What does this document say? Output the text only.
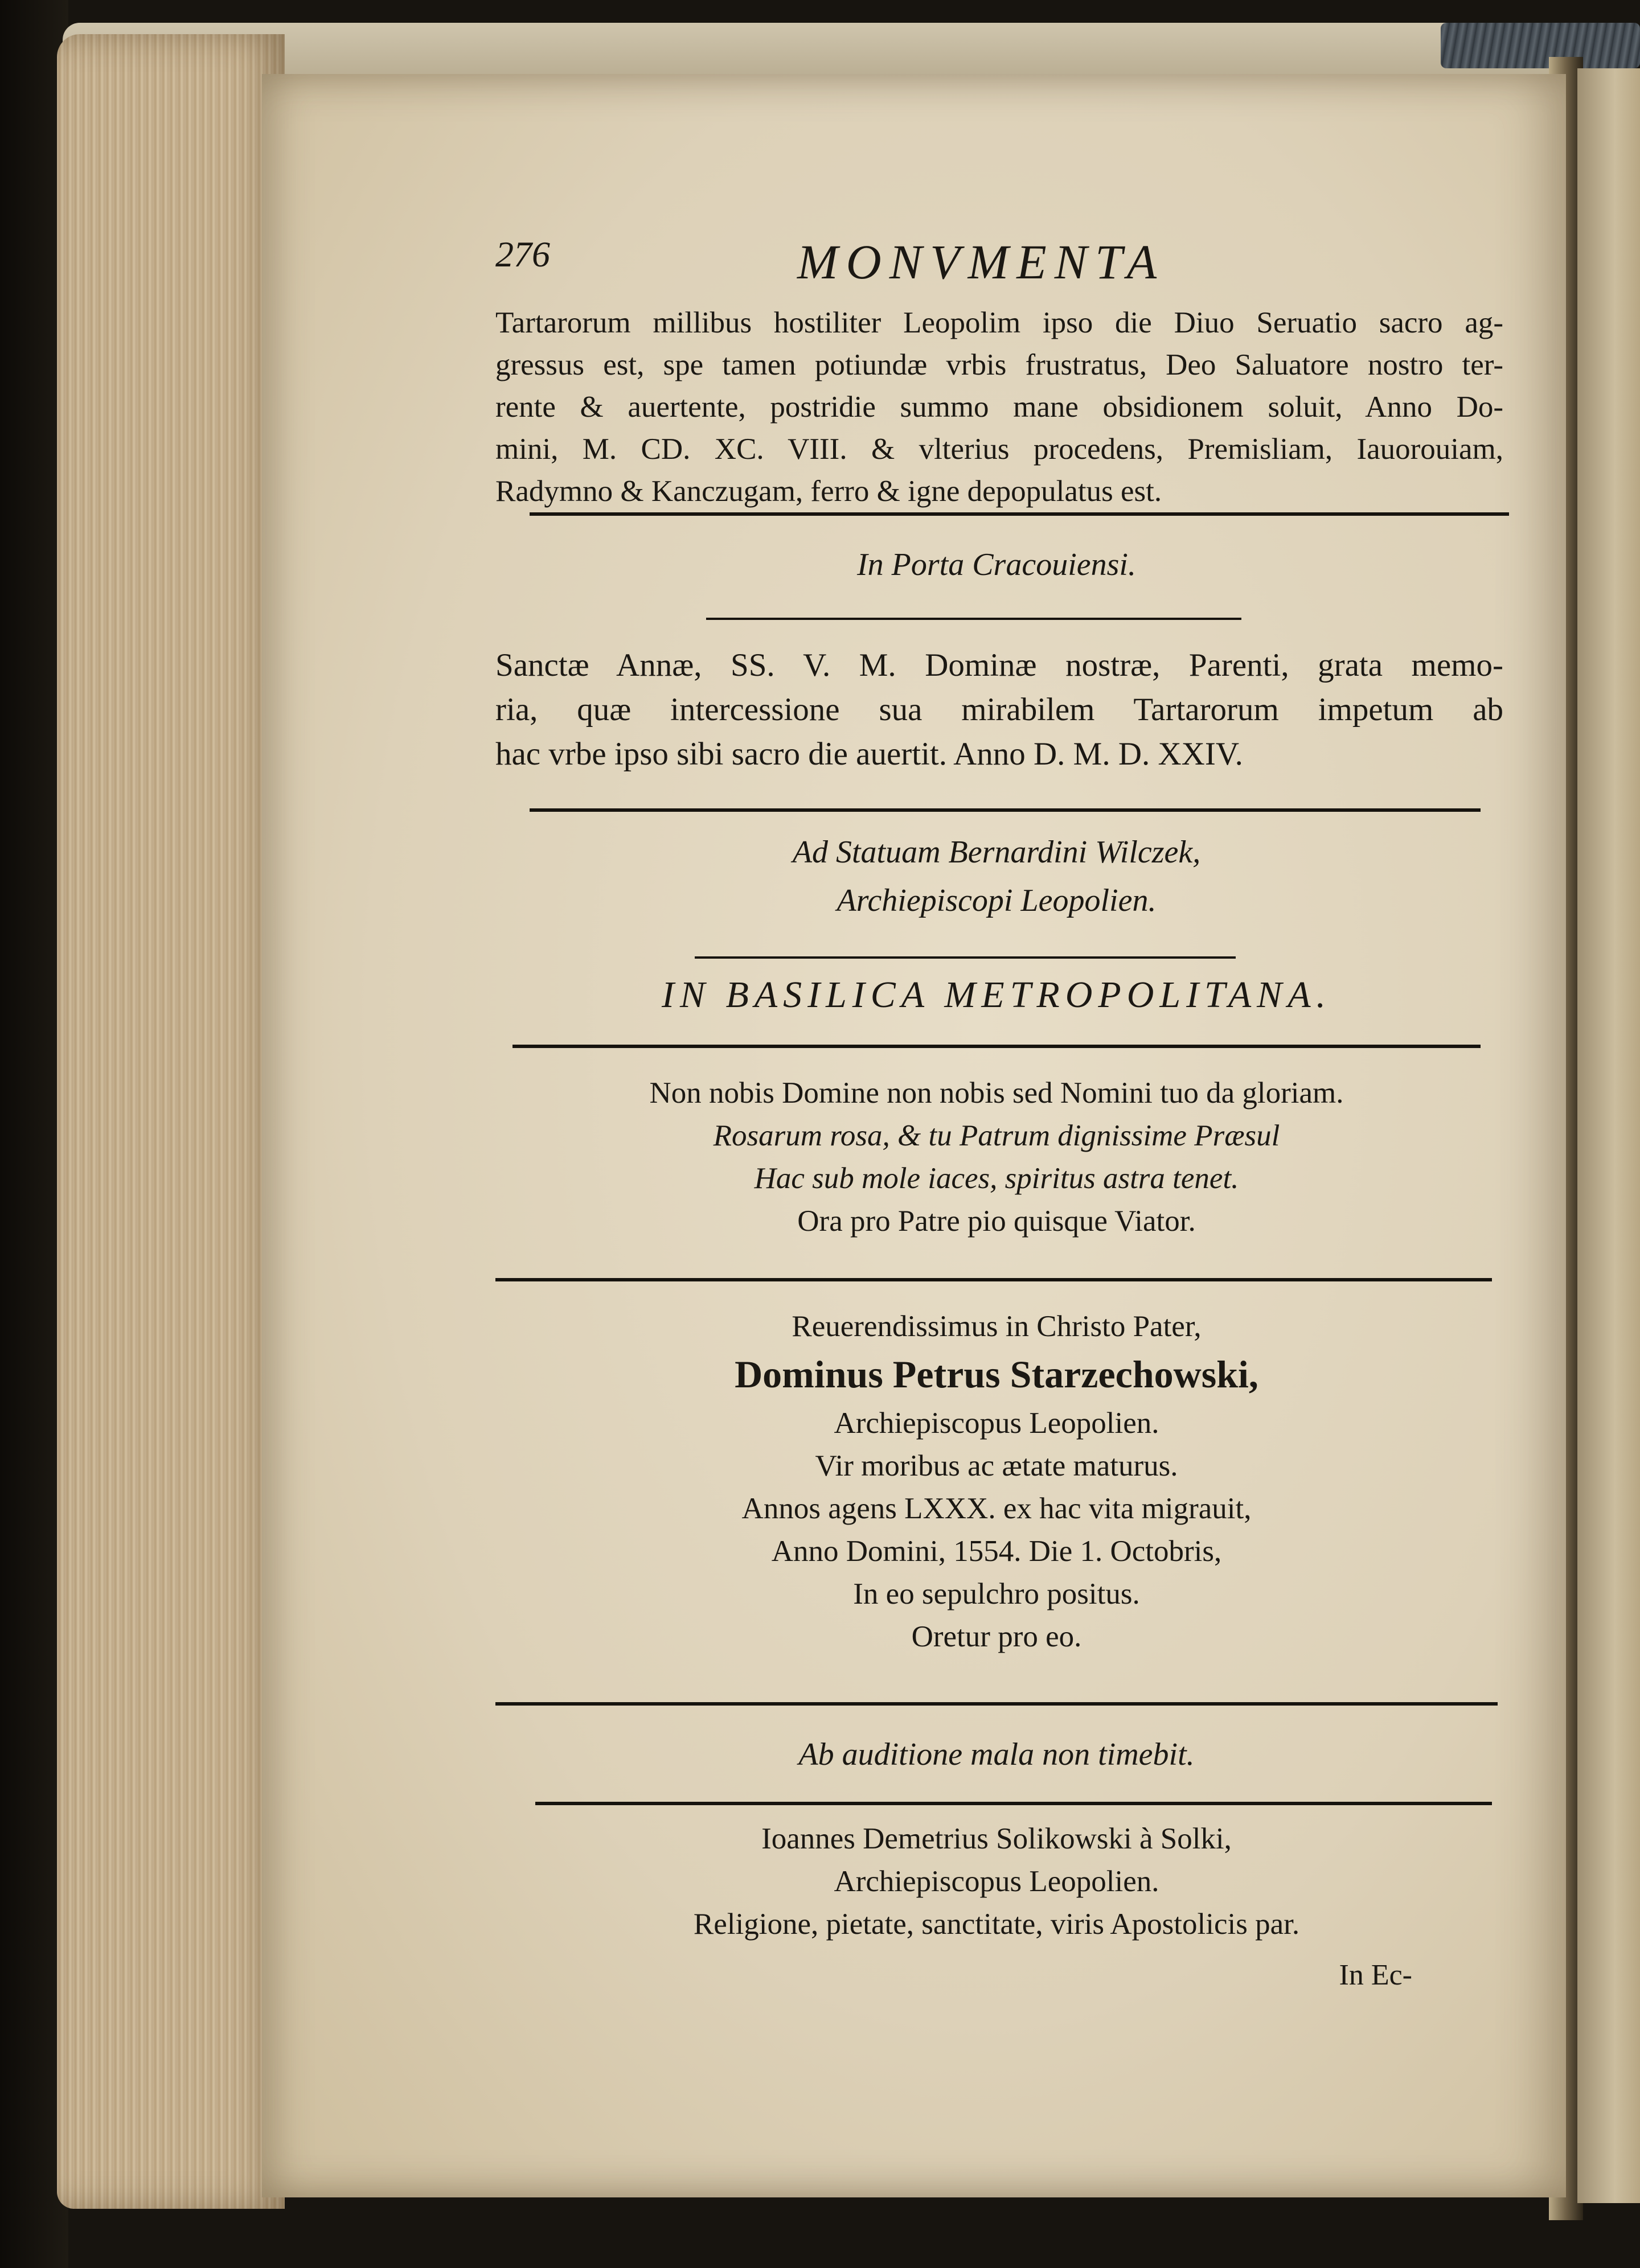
276	MONVMENTA
Tartarorum millibus hostiliter Leopolim ipso die Diuo Seruatio sacro ag-
gressus est, spe tamen potiundæ vrbis frustratus, Deo Saluatore nostro ter-
rente & auertente, postridie summo mane obsidionem soluit, Anno Do-
mini, M. CD. XC. VIII. & vlterius procedens, Premisliam, Iauorouiam,
Radymno & Kanczugam, ferro & igne depopulatus est.
In Porta Cracouiensi.
Sanctæ Annæ, SS. V. M. Dominæ nostræ, Parenti, grata memo-
ria, quæ intercessione sua mirabilem Tartarorum impetum ab
hac vrbe ipso sibi sacro die auertit. Anno D. M. D. XXIV.
Ad Statuam Bernardini Wilczek,
Archiepiscopi Leopolien.
IN BASILICA METROPOLITANA.
Non nobis Domine non nobis sed Nomini tuo da gloriam.
Rosarum rosa, & tu Patrum dignissime Præsul
Hac sub mole iaces, spiritus astra tenet.
Ora pro Patre pio quisque Viator.
Reuerendissimus in Christo Pater,
Dominus Petrus Starzechowski,
Archiepiscopus Leopolien.
Vir moribus ac ætate maturus.
Annos agens LXXX. ex hac vita migrauit,
Anno Domini, 1554. Die 1. Octobris,
In eo sepulchro positus.
Oretur pro eo.
Ab auditione mala non timebit.
Ioannes Demetrius Solikowski à Solki,
Archiepiscopus Leopolien.
Religione, pietate, sanctitate, viris Apostolicis par.
In Ec-
